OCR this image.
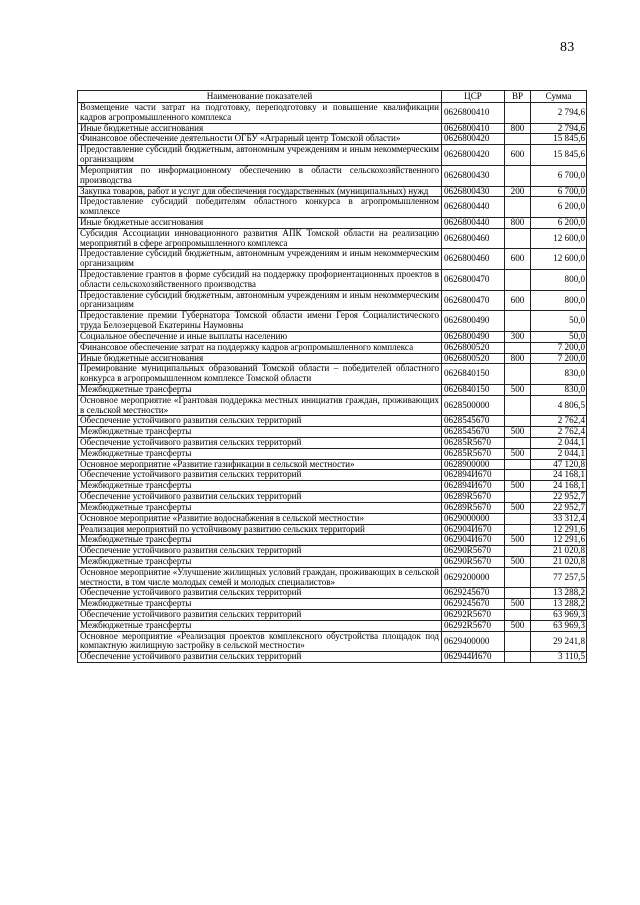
83
Наименование показателей	ЦСР	ВР	Сумма
Возмещение части затрат на подготовку, переподготовку и повышение квалификации кадров агропромышленного комплекса	0626800410		2 794,6
Иные бюджетные ассигнования	0626800410	800	2 794,6
Финансовое обеспечение деятельности ОГБУ «Аграрный центр Томской области»	0626800420		15 845,6
Предоставление субсидий бюджетным, автономным учреждениям и иным некоммерческим организациям	0626800420	600	15 845,6
Мероприятия по информационному обеспечению в области сельскохозяйственного производства	0626800430		6 700,0
Закупка товаров, работ и услуг для обеспечения государственных (муниципальных) нужд	0626800430	200	6 700,0
Предоставление субсидий победителям областного конкурса в агропромышленном комплексе	0626800440		6 200,0
Иные бюджетные ассигнования	0626800440	800	6 200,0
Субсидия Ассоциации инновационного развития АПК Томской области на реализацию мероприятий в сфере агропромышленного комплекса	0626800460		12 600,0
Предоставление субсидий бюджетным, автономным учреждениям и иным некоммерческим организациям	0626800460	600	12 600,0
Предоставление грантов в форме субсидий на поддержку профориентационных проектов в области сельскохозяйственного производства	0626800470		800,0
Предоставление субсидий бюджетным, автономным учреждениям и иным некоммерческим организациям	0626800470	600	800,0
Предоставление премии Губернатора Томской области имени Героя Социалистического труда Белозерцевой Екатерины Наумовны	0626800490		50,0
Социальное обеспечение и иные выплаты населению	0626800490	300	50,0
Финансовое обеспечение затрат на поддержку кадров агропромышленного комплекса	0626800520		7 200,0
Иные бюджетные ассигнования	0626800520	800	7 200,0
Премирование муниципальных образований Томской области – победителей областного конкурса в агропромышленном комплексе Томской области	0626840150		830,0
Межбюджетные трансферты	0626840150	500	830,0
Основное мероприятие «Грантовая поддержка местных инициатив граждан, проживающих в сельской местности»	0628500000		4 806,5
Обеспечение устойчивого развития сельских территорий	0628545670		2 762,4
Межбюджетные трансферты	0628545670	500	2 762,4
Обеспечение устойчивого развития сельских территорий	06285R5670		2 044,1
Межбюджетные трансферты	06285R5670	500	2 044,1
Основное мероприятие «Развитие газификации в сельской местности»	0628900000		47 120,8
Обеспечение устойчивого развития сельских территорий	062894И670		24 168,1
Межбюджетные трансферты	062894И670	500	24 168,1
Обеспечение устойчивого развития сельских территорий	06289R5670		22 952,7
Межбюджетные трансферты	06289R5670	500	22 952,7
Основное мероприятие «Развитие водоснабжения в сельской местности»	0629000000		33 312,4
Реализация мероприятий по устойчивому развитию сельских территорий	062904И670		12 291,6
Межбюджетные трансферты	062904И670	500	12 291,6
Обеспечение устойчивого развития сельских территорий	06290R5670		21 020,8
Межбюджетные трансферты	06290R5670	500	21 020,8
Основное мероприятие «Улучшение жилищных условий граждан, проживающих в сельской местности, в том числе молодых семей и молодых специалистов»	0629200000		77 257,5
Обеспечение устойчивого развития сельских территорий	0629245670		13 288,2
Межбюджетные трансферты	0629245670	500	13 288,2
Обеспечение устойчивого развития сельских территорий	06292R5670		63 969,3
Межбюджетные трансферты	06292R5670	500	63 969,3
Основное мероприятие «Реализация проектов комплексного обустройства площадок под компактную жилищную застройку в сельской местности»	0629400000		29 241,8
Обеспечение устойчивого развития сельских территорий	062944И670		3 110,5
